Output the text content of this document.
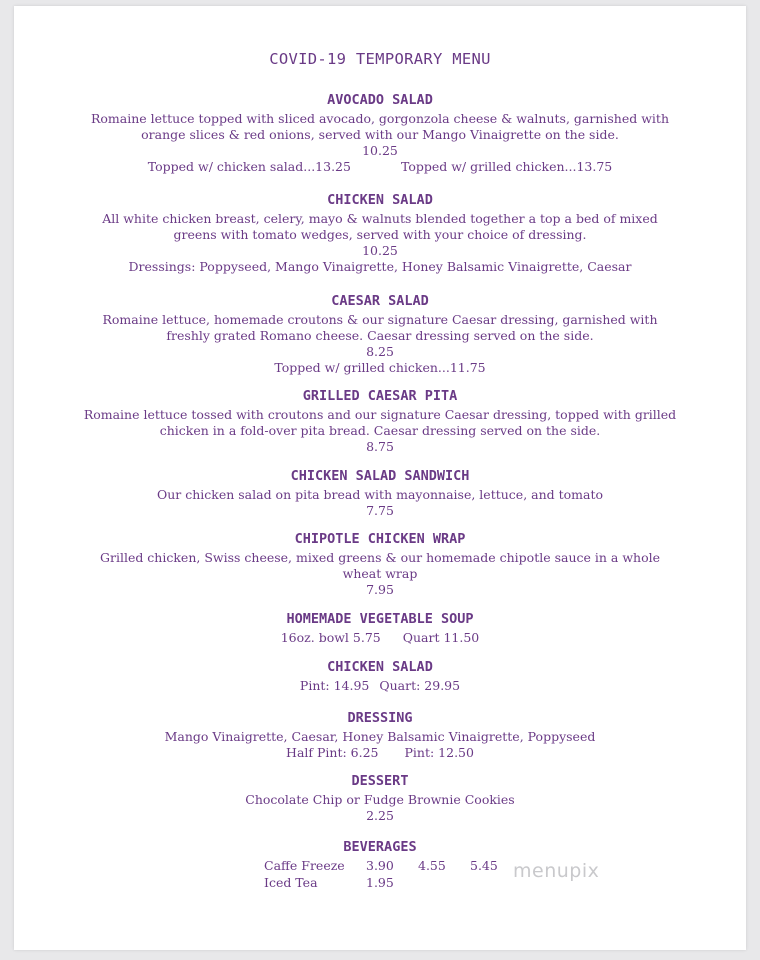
COVID-19 TEMPORARY MENU
AVOCADO SALAD
Romaine lettuce topped with sliced avocado, gorgonzola cheese & walnuts, garnished with
orange slices & red onions, served with our Mango Vinaigrette on the side.
10.25
Topped w/ chicken salad...13.25	Topped w/ grilled chicken...13.75
CHICKEN SALAD
All white chicken breast, celery, mayo & walnuts blended together a top a bed of mixed
greens with tomato wedges, served with your choice of dressing.
10.25
Dressings: Poppyseed, Mango Vinaigrette, Honey Balsamic Vinaigrette, Caesar
CAESAR SALAD
Romaine lettuce, homemade croutons & our signature Caesar dressing, garnished with
freshly grated Romano cheese. Caesar dressing served on the side.
8.25
Topped w/ grilled chicken...11.75
GRILLED CAESAR PITA
Romaine lettuce tossed with croutons and our signature Caesar dressing, topped with grilled
chicken in a fold-over pita bread. Caesar dressing served on the side.
8.75
CHICKEN SALAD SANDWICH
Our chicken salad on pita bread with mayonnaise, lettuce, and tomato
7.75
CHIPOTLE CHICKEN WRAP
Grilled chicken, Swiss cheese, mixed greens & our homemade chipotle sauce in a whole
wheat wrap
7.95
HOMEMADE VEGETABLE SOUP
16oz. bowl 5.75 Quart 11.50
CHICKEN SALAD
Pint: 14.95 Quart: 29.95
DRESSING
Mango Vinaigrette, Caesar, Honey Balsamic Vinaigrette, Poppyseed
Half Pint: 6.25 Pint: 12.50
DESSERT
Chocolate Chip or Fudge Brownie Cookies
2.25
BEVERAGES
Caffe Freeze	3.90	4.55	5.45
Iced Tea	1.95		
menupix
